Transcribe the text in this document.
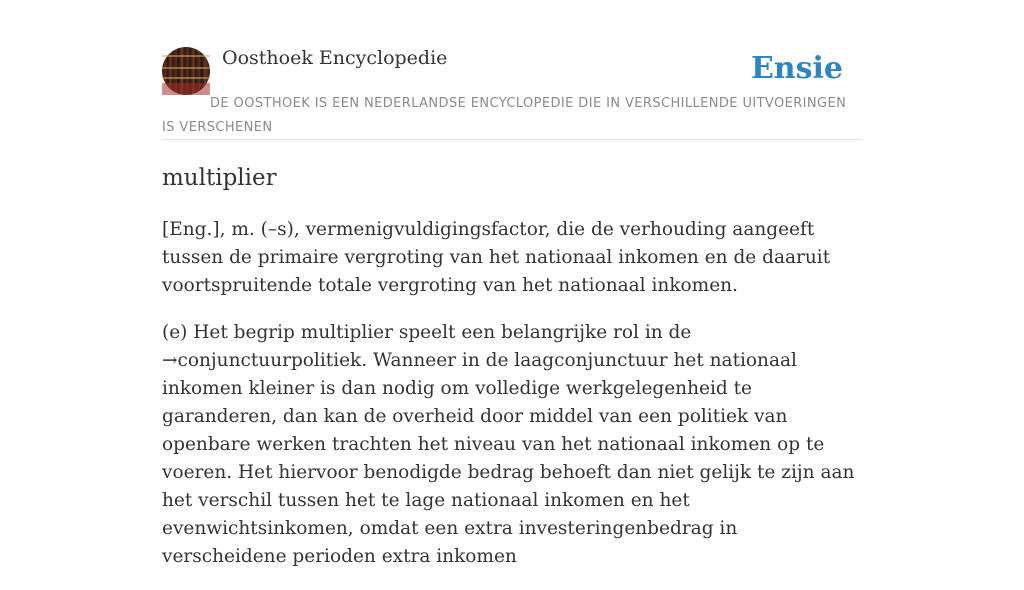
Oosthoek Encyclopedie	Ensie
DE OOSTHOEK IS EEN NEDERLANDSE ENCYCLOPEDIE DIE IN VERSCHILLENDE UITVOERINGEN IS VERSCHENEN
multiplier

[Eng.], m. (–s), vermenigvuldigingsfactor, die de verhouding aangeeft tussen de primaire vergroting van het nationaal inkomen en de daaruit voortspruitende totale vergroting van het nationaal inkomen.

(e) Het begrip multiplier speelt een belangrijke rol in de →conjunctuurpolitiek. Wanneer in de laagconjunctuur het nationaal inkomen kleiner is dan nodig om volledige werkgelegenheid te garanderen, dan kan de overheid door middel van een politiek van openbare werken trachten het niveau van het nationaal inkomen op te voeren. Het hiervoor benodigde bedrag behoeft dan niet gelijk te zijn aan het verschil tussen het te lage nationaal inkomen en het evenwichtsinkomen, omdat een extra investeringenbedrag in verscheidene perioden extra inkomen
